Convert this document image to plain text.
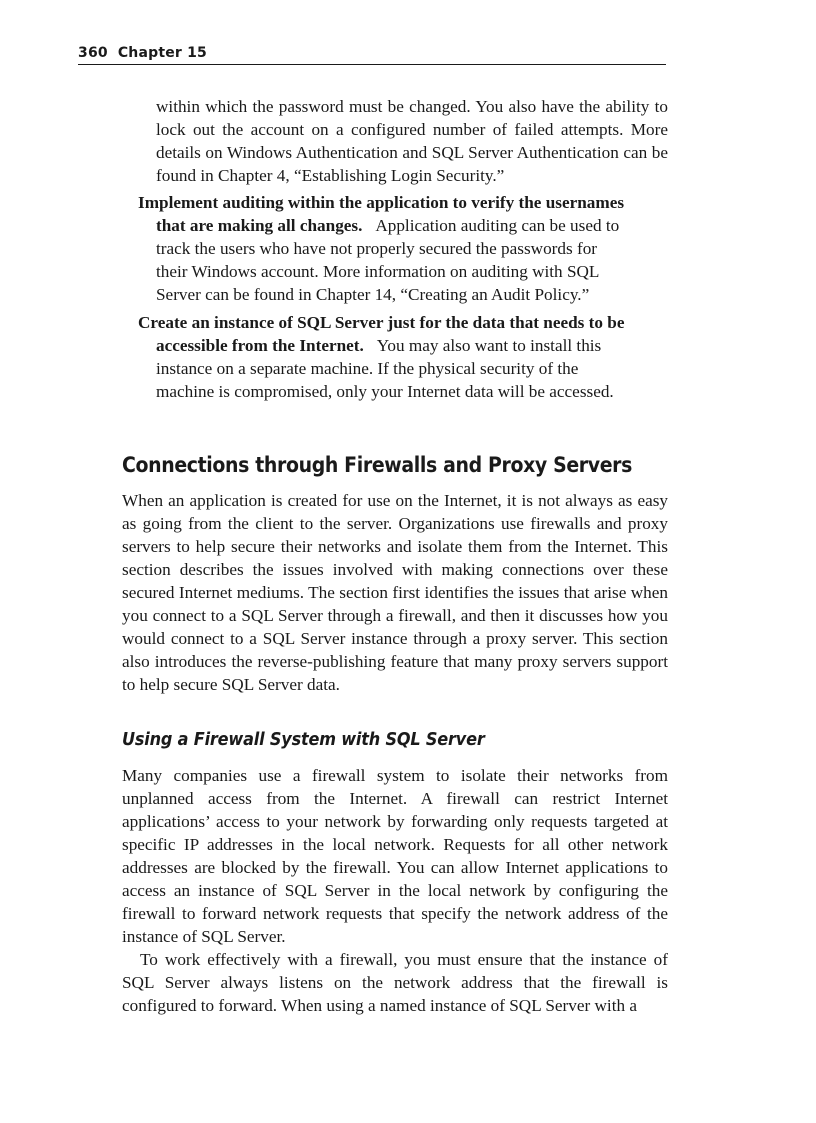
360 Chapter 15

within which the password must be changed. You also have the ability to lock out the account on a configured number of failed attempts. More details on Windows Authentication and SQL Server Authentication can be found in Chapter 4, “Establishing Login Security.”

Implement auditing within the application to verify the usernames
that are making all changes. Application auditing can be used to
track the users who have not properly secured the passwords for
their Windows account. More information on auditing with SQL
Server can be found in Chapter 14, “Creating an Audit Policy.”
Create an instance of SQL Server just for the data that needs to be
accessible from the Internet. You may also want to install this
instance on a separate machine. If the physical security of the
machine is compromised, only your Internet data will be accessed.
Connections through Firewalls and Proxy Servers

When an application is created for use on the Internet, it is not always as easy as going from the client to the server. Organizations use firewalls and proxy servers to help secure their networks and isolate them from the Internet. This section describes the issues involved with making connections over these secured Internet mediums. The section first identifies the issues that arise when you connect to a SQL Server through a firewall, and then it discusses how you would connect to a SQL Server instance through a proxy server. This section also introduces the reverse-publishing feature that many proxy servers support to help secure SQL Server data.

Using a Firewall System with SQL Server

Many companies use a firewall system to isolate their networks from unplanned access from the Internet. A firewall can restrict Internet applications’ access to your network by forwarding only requests targeted at specific IP addresses in the local network. Requests for all other network addresses are blocked by the firewall. You can allow Internet applications to access an instance of SQL Server in the local network by configuring the firewall to forward network requests that specify the network address of the instance of SQL Server.

To work effectively with a firewall, you must ensure that the instance of SQL Server always listens on the network address that the firewall is configured to forward. When using a named instance of SQL Server with a
